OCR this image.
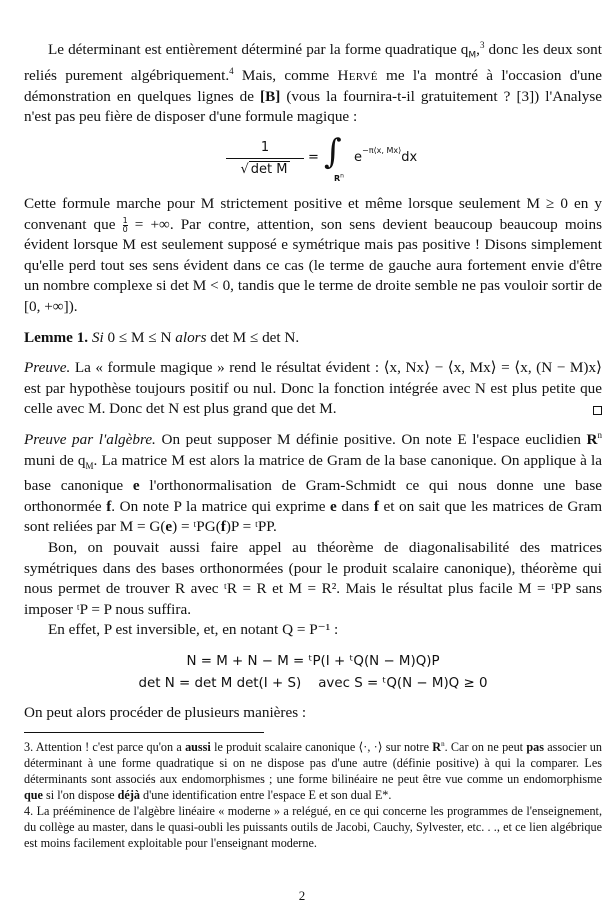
Le déterminant est entièrement déterminé par la forme quadratique $q_M,^3$ donc les deux sont reliés purement algébriquement.$^4$ Mais, comme Hervé me l'a montré à l'occasion d'une démonstration en quelques lignes de [B] (vous la fournira-t-il gratuitement ? [3]) l'Analyse n'est pas peu fière de disposer d'une formule magique :

1
√ det M
= ∫
$R^n$
$e^{-\pi⟨x, Mx⟩}dx$

Cette formule marche pour M strictement positive et même lorsque seulement M ≥ 0 en y convenant que $\frac{1}{0}$ = +∞. Par contre, attention, son sens devient beaucoup beaucoup moins évident lorsque M est seulement supposé e symétrique mais pas positive ! Disons simplement qu'elle perd tout ses sens évident dans ce cas (le terme de gauche aura fortement envie d'être un nombre complexe si det M < 0, tandis que le terme de droite semble ne pas vouloir sortir de [0, +∞]).

Lemme 1. Si 0 ≤ M ≤ N alors det M ≤ det N.

Preuve. La « formule magique » rend le résultat évident : ⟨x, Nx⟩ − ⟨x, Mx⟩ = ⟨x, (N − M)x⟩ est par hypothèse toujours positif ou nul. Donc la fonction intégrée avec N est plus petite que celle avec M. Donc det N est plus grand que det M.

Preuve par l'algèbre. On peut supposer M définie positive. On note E l'espace euclidien $R^n$ muni de $q_M$. La matrice M est alors la matrice de Gram de la base canonique. On applique à la base canonique e l'orthonormalisation de Gram-Schmidt ce qui nous donne une base orthonormée f. On note P la matrice qui exprime e dans f et on sait que les matrices de Gram sont reliées par M = G(e) = ᵗPG(f)P = ᵗPP.

Bon, on pouvait aussi faire appel au théorème de diagonalisabilité des matrices symétriques dans des bases orthonormées (pour le produit scalaire canonique), théorème qui nous permet de trouver R avec ᵗR = R et M = R². Mais le résultat plus facile M = ᵗPP sans imposer ᵗP = P nous suffira.

En effet, P est inversible, et, en notant Q = P⁻¹ :

N = M + N − M = ᵗP(I + ᵗQ(N − M)Q)P
det N = det M det(I + S)    avec S = ᵗQ(N − M)Q ≥ 0

On peut alors procéder de plusieurs manières :

3. Attention ! c'est parce qu'on a aussi le produit scalaire canonique ⟨·, ·⟩ sur notre $R^n$. Car on ne peut pas associer un déterminant à une forme quadratique si on ne dispose pas d'une autre (définie positive) à qui la comparer. Les déterminants sont associés aux endomorphismes ; une forme bilinéaire ne peut être vue comme un endomorphisme que si l'on dispose déjà d'une identification entre l'espace E et son dual E*.

4. La prééminence de l'algèbre linéaire « moderne » a relégué, en ce qui concerne les programmes de l'enseignement, du collège au master, dans le quasi-oubli les puissants outils de Jacobi, Cauchy, Sylvester, etc. . ., et ce lien algébrique est moins facilement exploitable pour l'enseignant moderne.

2
